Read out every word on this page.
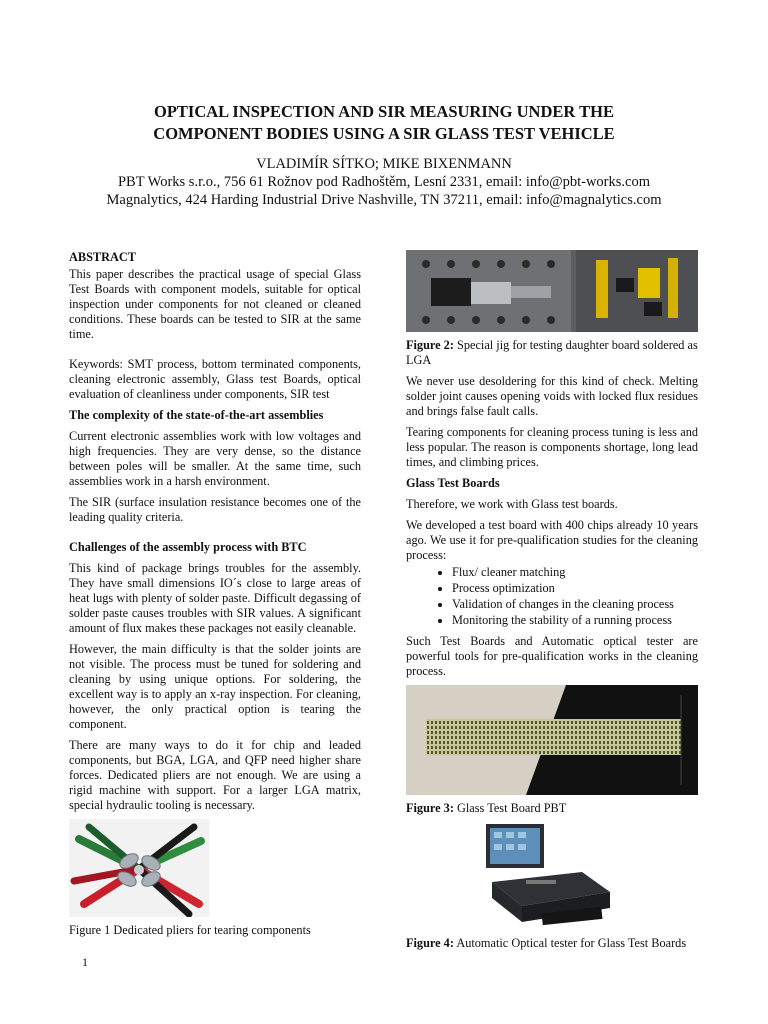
OPTICAL INSPECTION AND SIR MEASURING UNDER THE
COMPONENT BODIES USING A SIR GLASS TEST VEHICLE
VLADIMÍR SÍTKO; MIKE BIXENMANN
PBT Works s.r.o., 756 61 Rožnov pod Radhoštěm, Lesní 2331, email: info@pbt-works.com
Magnalytics, 424 Harding Industrial Drive Nashville, TN 37211, email: info@magnalytics.com
ABSTRACT

This paper describes the practical usage of special Glass Test Boards with component models, suitable for optical inspection under components for not cleaned or cleaned conditions. These boards can be tested to SIR at the same time.

Keywords: SMT process, bottom terminated components, cleaning electronic assembly, Glass test Boards, optical evaluation of cleanliness under components, SIR test

The complexity of the state-of-the-art assemblies

Current electronic assemblies work with low voltages and high frequencies. They are very dense, so the distance between poles will be smaller. At the same time, such assemblies work in a harsh environment.

The SIR (surface insulation resistance becomes one of the leading quality criteria.

Challenges of the assembly process with BTC

This kind of package brings troubles for the assembly. They have small dimensions IO´s close to large areas of heat lugs with plenty of solder paste. Difficult degassing of solder paste causes troubles with SIR values. A significant amount of flux makes these packages not easily cleanable.

However, the main difficulty is that the solder joints are not visible. The process must be tuned for soldering and cleaning by using unique options. For soldering, the excellent way is to apply an x-ray inspection. For cleaning, however, the only practical option is tearing the component.

There are many ways to do it for chip and leaded components, but BGA, LGA, and QFP need higher share forces. Dedicated pliers are not enough. We are using a rigid machine with support. For a larger LGA matrix, special hydraulic tooling is necessary.

Figure 1 Dedicated pliers for tearing components

Figure 2: Special jig for testing daughter board soldered as LGA

We never use desoldering for this kind of check. Melting solder joint causes opening voids with locked flux residues and brings false fault calls.

Tearing components for cleaning process tuning is less and less popular. The reason is components shortage, long lead times, and climbing prices.

Glass Test Boards

Therefore, we work with Glass test boards.

We developed a test board with 400 chips already 10 years ago. We use it for pre-qualification studies for the cleaning process:

• Flux/ cleaner matching
• Process optimization
• Validation of changes in the cleaning process
• Monitoring the stability of a running process

Such Test Boards and Automatic optical tester are powerful tools for pre-qualification works in the cleaning process.

Figure 3: Glass Test Board PBT

Figure 4: Automatic Optical tester for Glass Test Boards

1
